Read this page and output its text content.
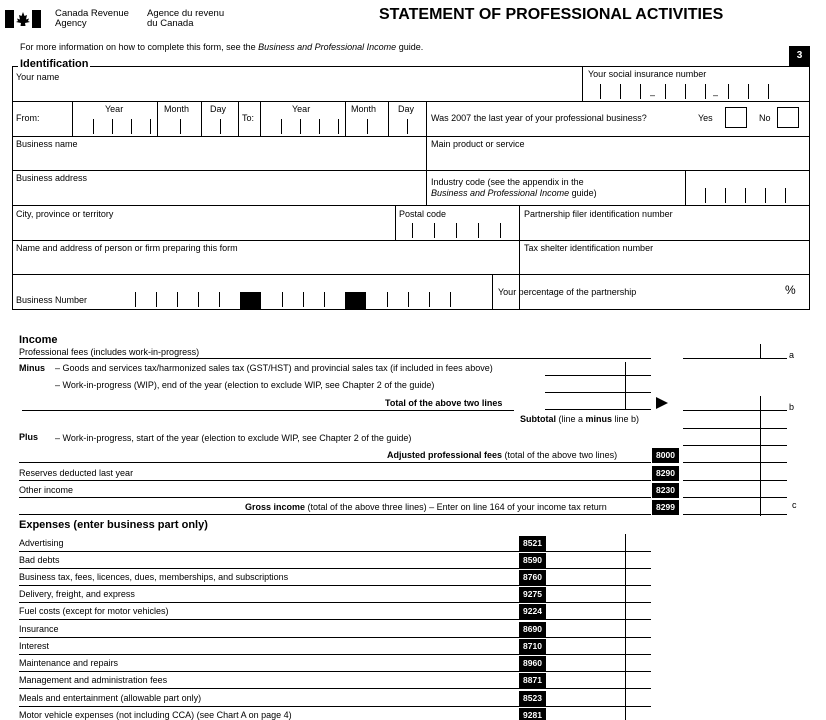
Canada Revenue
Agency
Agence du revenu
du Canada
STATEMENT OF PROFESSIONAL ACTIVITIES
For more information on how to complete this form, see the Business and Professional Income guide.
3
Identification
Your name	Your social insurance number
–	–
From:
Year	Month Day
To:
Year	Month Day
Was 2007 the last year of your professional business?	Yes	No
Business name	Main product or service
Business address	Industry code (see the appendix in the
Business and Professional Income guide)
City, province or territory	Postal code	Partnership filer identification number
Name and address of person or firm preparing this form	Tax shelter identification number
Business Number
Your percentage of the partnership	%
Income
Professional fees (includes work-in-progress)	a
Minus – Goods and services tax/harmonized sales tax (GST/HST) and provincial sales tax (if included in fees above)
– Work-in-progress (WIP), end of the year (election to exclude WIP, see Chapter 2 of the guide)
Total of the above two lines	b
Subtotal (line a minus line b)
Plus – Work-in-progress, start of the year (election to exclude WIP, see Chapter 2 of the guide)
Adjusted professional fees (total of the above two lines)	8000
Reserves deducted last year	8290
Other income	8230
Gross income (total of the above three lines) – Enter on line 164 of your income tax return	8299	c
Expenses (enter business part only)
Advertising	8521
Bad debts	8590
Business tax, fees, licences, dues, memberships, and subscriptions	8760
Delivery, freight, and express	9275
Fuel costs (except for motor vehicles)	9224
Insurance	8690
Interest	8710
Maintenance and repairs	8960
Management and administration fees	8871
Meals and entertainment (allowable part only)	8523
Motor vehicle expenses (not including CCA) (see Chart A on page 4)	9281
